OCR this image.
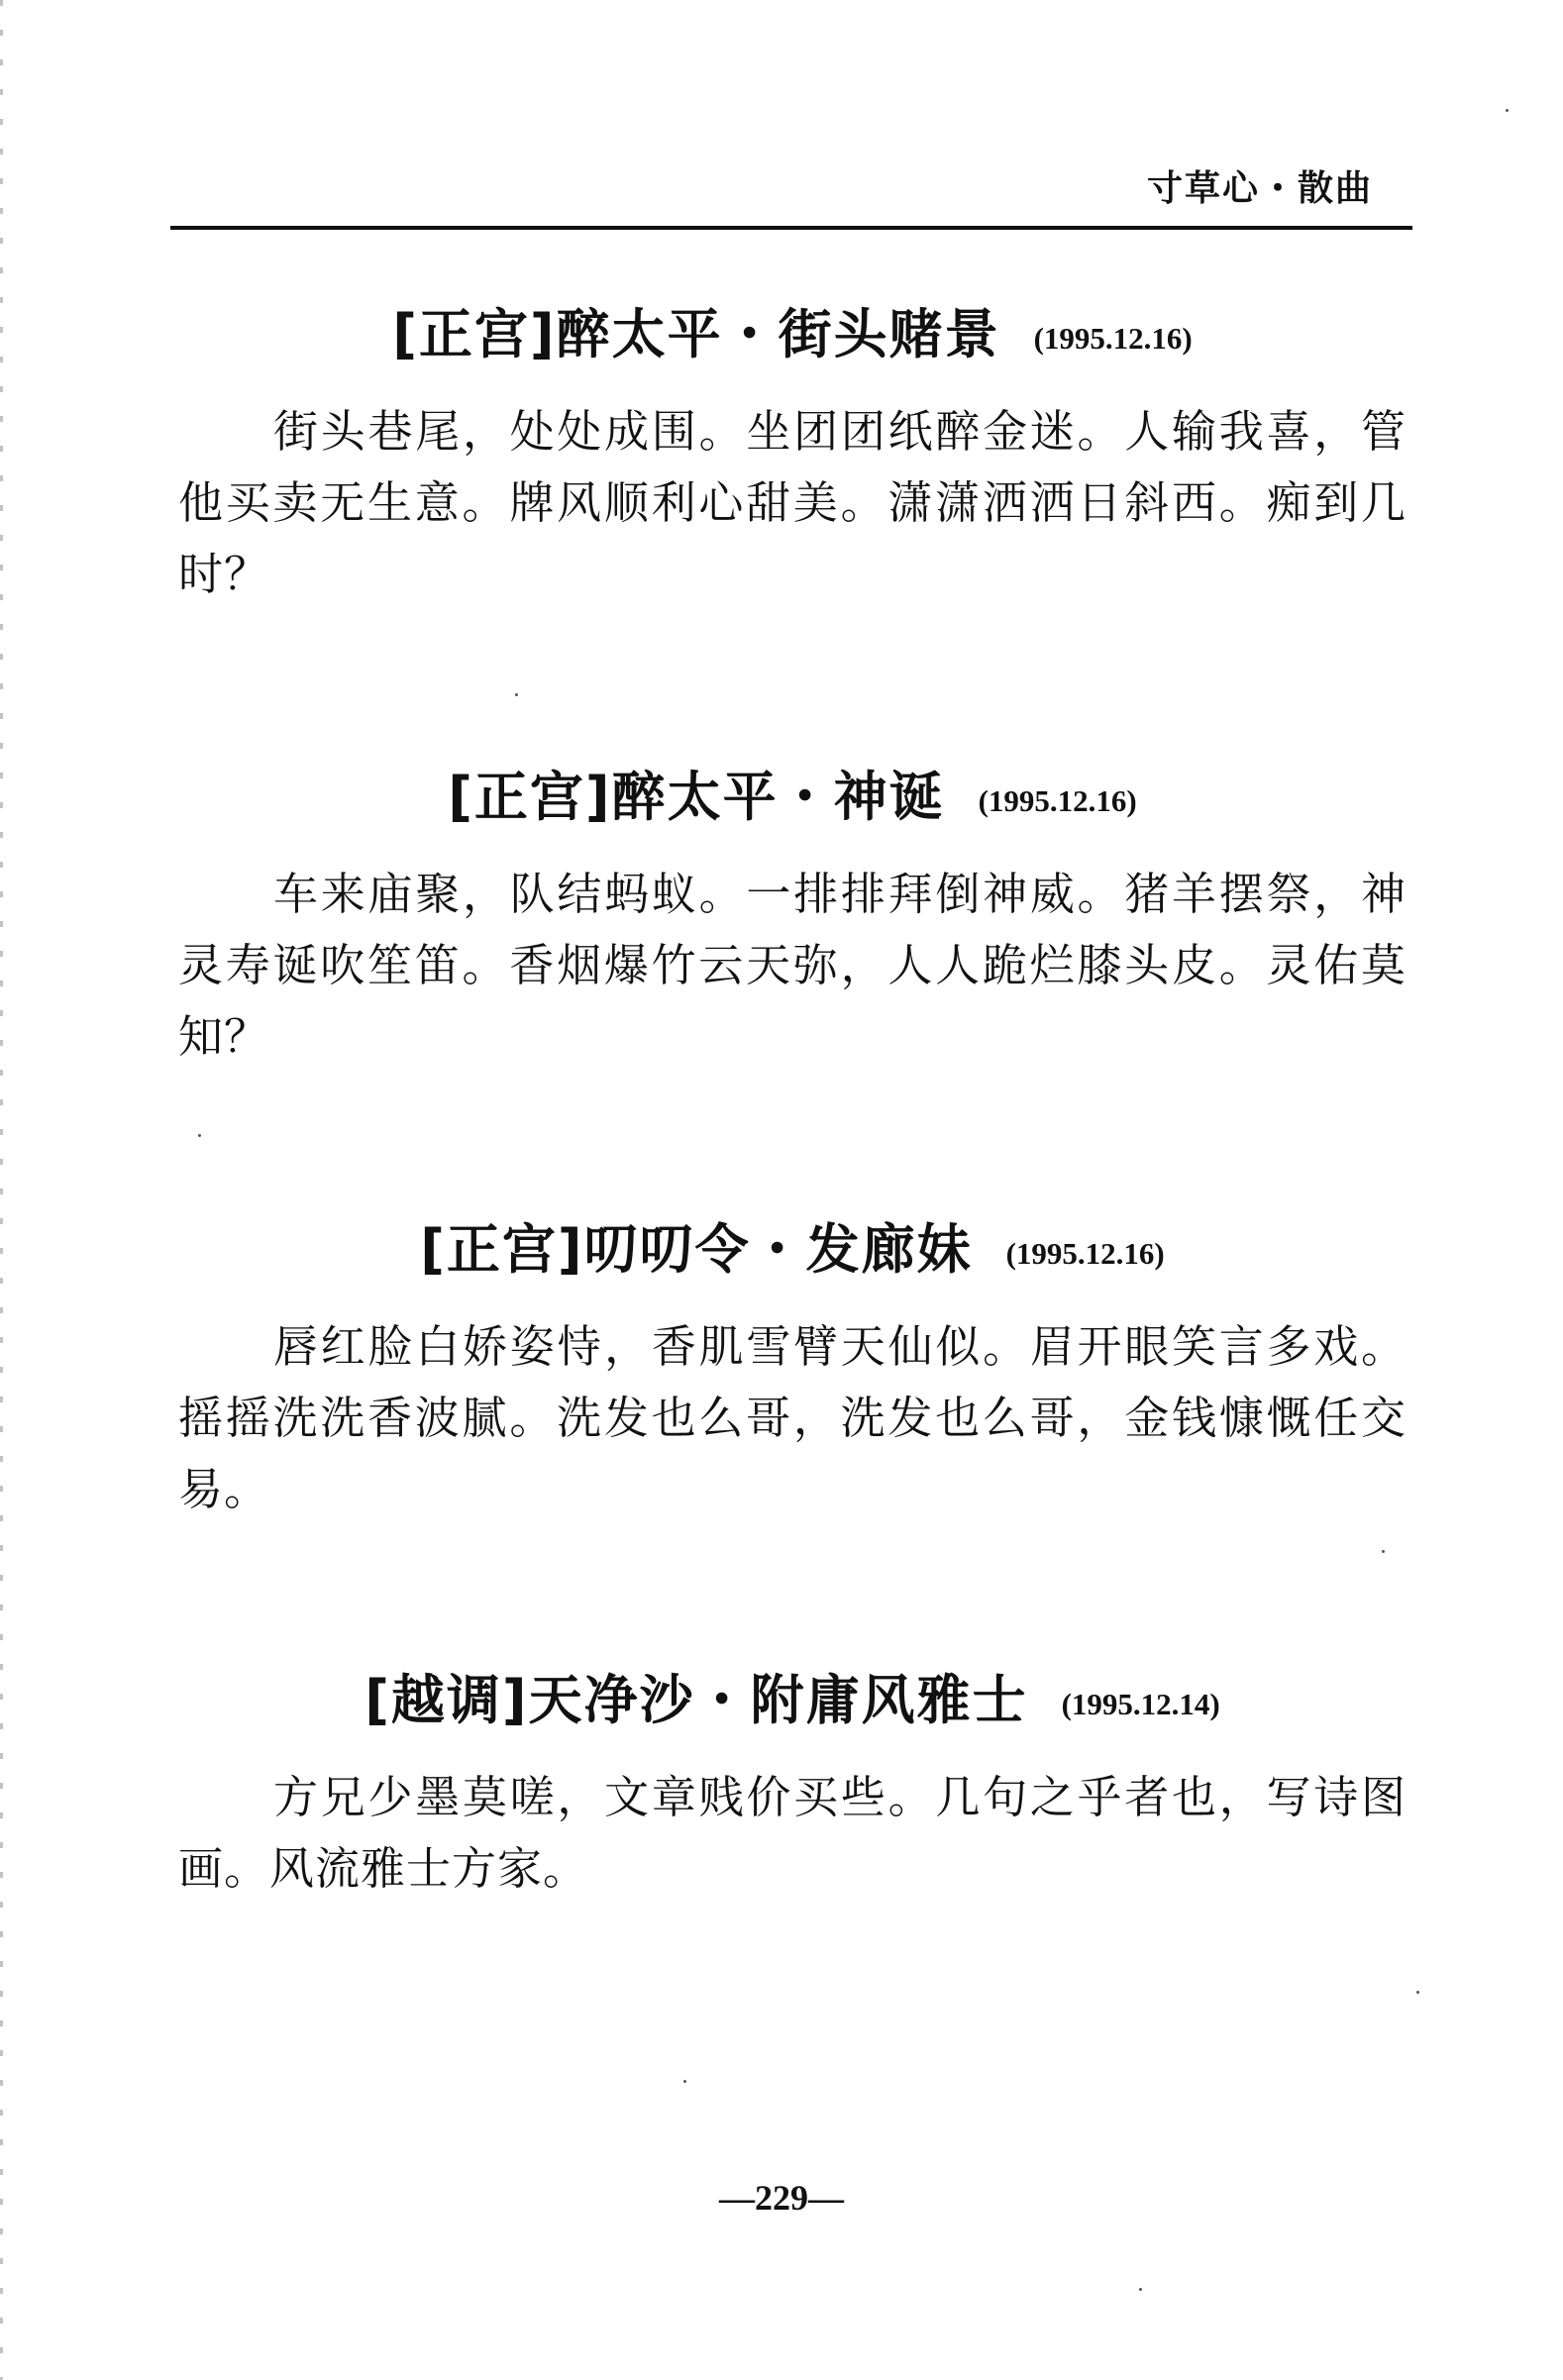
寸草心・散曲
[正宫]醉太平・街头赌景 (1995.12.16)
街头巷尾，处处成围。坐团团纸醉金迷。人输我喜，管他买卖无生意。牌风顺利心甜美。潇潇洒洒日斜西。痴到几时？
[正宫]醉太平・神诞 (1995.12.16)
车来庙聚，队结蚂蚁。一排排拜倒神威。猪羊摆祭，神灵寿诞吹笙笛。香烟爆竹云天弥，人人跪烂膝头皮。灵佑莫知？
[正宫]叨叨令・发廊妹 (1995.12.16)
唇红脸白娇姿恃，香肌雪臂天仙似。眉开眼笑言多戏。摇摇洗洗香波腻。洗发也么哥，洗发也么哥，金钱慷慨任交易。
[越调]天净沙・附庸风雅士 (1995.12.14)
方兄少墨莫嗟，文章贱价买些。几句之乎者也，写诗图画。风流雅士方家。
—229—
